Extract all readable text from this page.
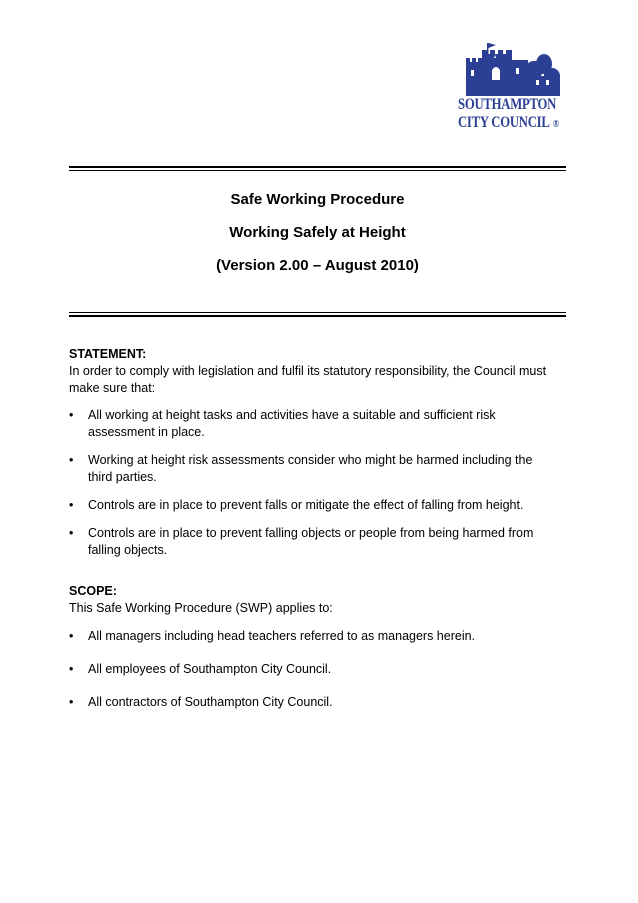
SOUTHAMPTON
CITY COUNCIL ®
Safe Working Procedure
Working Safely at Height
(Version 2.00 – August 2010)
STATEMENT:
In order to comply with legislation and fulfil its statutory responsibility, the Council must
make sure that:
• All working at height tasks and activities have a suitable and sufficient risk
assessment in place.
• Working at height risk assessments consider who might be harmed including the
third parties.
• Controls are in place to prevent falls or mitigate the effect of falling from height.
• Controls are in place to prevent falling objects or people from being harmed from
falling objects.
SCOPE:
This Safe Working Procedure (SWP) applies to:
• All managers including head teachers referred to as managers herein.
• All employees of Southampton City Council.
• All contractors of Southampton City Council.
